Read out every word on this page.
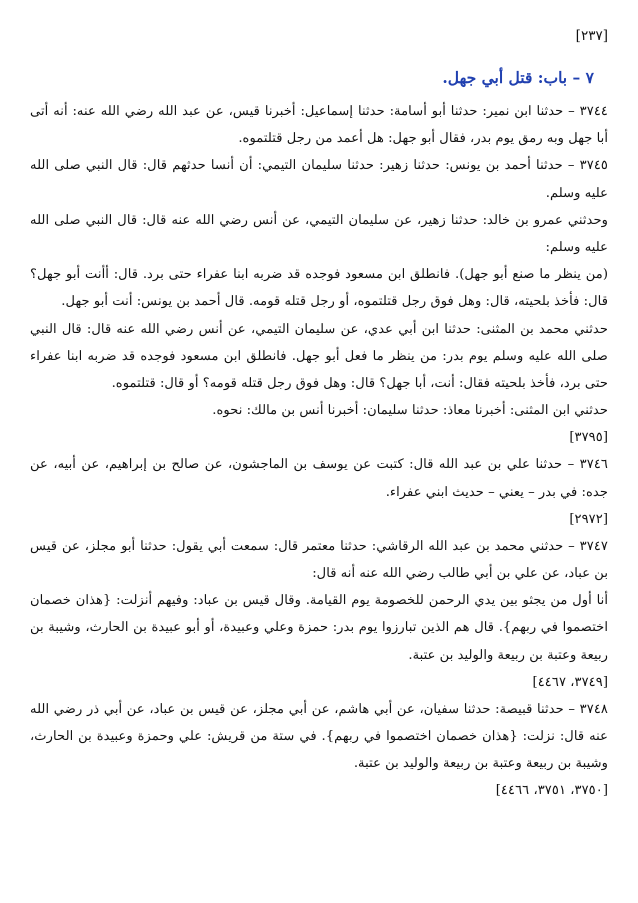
[٢٣٧]

٧ – باب: قتل أبي جهل.

٣٧٤٤ – حدثنا ابن نمير: حدثنا أبو أسامة: حدثنا إسماعيل: أخبرنا قيس، عن عبد الله رضي الله عنه: أنه أتى أبا جهل وبه رمق يوم بدر، فقال أبو جهل: هل أعمد من رجل قتلتموه.

٣٧٤٥ – حدثنا أحمد بن يونس: حدثنا زهير: حدثنا سليمان التيمي: أن أنسا حدثهم قال: قال النبي صلى الله عليه وسلم.

وحدثني عمرو بن خالد: حدثنا زهير، عن سليمان التيمي، عن أنس رضي الله عنه قال: قال النبي صلى الله عليه وسلم:

(من ينظر ما صنع أبو جهل). فانطلق ابن مسعود فوجده قد ضربه ابنا عفراء حتى برد. قال: أأنت أبو جهل؟ قال: فأخذ بلحيته، قال: وهل فوق رجل قتلتموه، أو رجل قتله قومه. قال أحمد بن يونس: أنت أبو جهل.

حدثني محمد بن المثنى: حدثنا ابن أبي عدي، عن سليمان التيمي، عن أنس رضي الله عنه قال: قال النبي صلى الله عليه وسلم يوم بدر: من ينظر ما فعل أبو جهل. فانطلق ابن مسعود فوجده قد ضربه ابنا عفراء حتى برد، فأخذ بلحيته فقال: أنت، أبا جهل؟ قال: وهل فوق رجل قتله قومه؟ أو قال: قتلتموه.

حدثني ابن المثنى: أخبرنا معاذ: حدثنا سليمان: أخبرنا أنس بن مالك: نحوه.

[٣٧٩٥]

٣٧٤٦ – حدثنا علي بن عبد الله قال: كتبت عن يوسف بن الماجشون، عن صالح بن إبراهيم، عن أبيه، عن جده: في بدر – يعني – حديث ابني عفراء.

[٢٩٧٢]

٣٧٤٧ – حدثني محمد بن عبد الله الرقاشي: حدثنا معتمر قال: سمعت أبي يقول: حدثنا أبو مجلز، عن قيس بن عباد، عن علي بن أبي طالب رضي الله عنه أنه قال:

أنا أول من يجثو بين يدي الرحمن للخصومة يوم القيامة. وقال قيس بن عباد: وفيهم أنزلت: {هذان خصمان اختصموا في ربهم}. قال هم الذين تبارزوا يوم بدر: حمزة وعلي وعبيدة، أو أبو عبيدة بن الحارث، وشيبة بن ربيعة وعتبة بن ربيعة والوليد بن عتبة.

[٣٧٤٩، ٤٤٦٧]

٣٧٤٨ – حدثنا قبيصة: حدثنا سفيان، عن أبي هاشم، عن أبي مجلز، عن قيس بن عباد، عن أبي ذر رضي الله عنه قال: نزلت: {هذان خصمان اختصموا في ربهم}. في ستة من قريش: علي وحمزة وعبيدة بن الحارث، وشيبة بن ربيعة وعتبة بن ربيعة والوليد بن عتبة.

[٣٧٥٠، ٣٧٥١، ٤٤٦٦]
